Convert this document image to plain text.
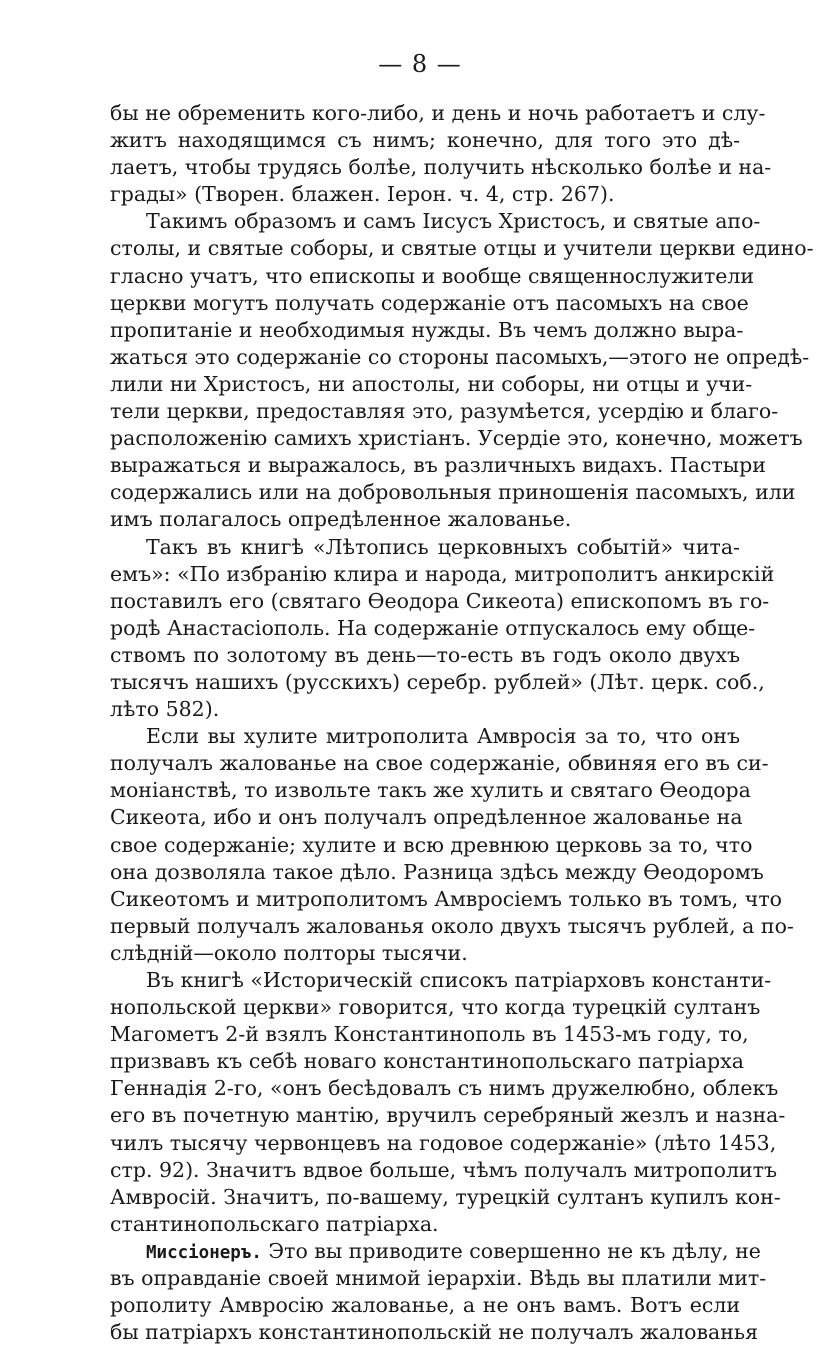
— 8 —
бы не обременить кого-либо, и день и ночь работаетъ и слу-
житъ находящимся съ нимъ; конечно, для того это дѣ-
лаетъ, чтобы трудясь болѣе, получить нѣсколько болѣе и на-
грады» (Творен. блажен. Іерон. ч. 4, стр. 267).
Такимъ образомъ и самъ Іисусъ Христосъ, и святые апо-
столы, и святые соборы, и святые отцы и учители церкви едино-
гласно учатъ, что епископы и вообще священнослужители
церкви могутъ получать содержаніе отъ пасомыхъ на свое
пропитаніе и необходимыя нужды. Въ чемъ должно выра-
жаться это содержаніе со стороны пасомыхъ,—этого не опредѣ-
лили ни Христосъ, ни апостолы, ни соборы, ни отцы и учи-
тели церкви, предоставляя это, разумѣется, усердію и благо-
расположенію самихъ христіанъ. Усердіе это, конечно, можетъ
выражаться и выражалось, въ различныхъ видахъ. Пастыри
содержались или на добровольныя приношенія пасомыхъ, или
имъ полагалось опредѣленное жалованье.
Такъ въ книгѣ «Лѣтопись церковныхъ событій» чита-
емъ»: «По избранію клира и народа, митрополитъ анкирскій
поставилъ его (святаго Ѳеодора Сикеота) епископомъ въ го-
родѣ Анастасіополь. На содержаніе отпускалось ему обще-
ствомъ по золотому въ день—то-есть въ годъ около двухъ
тысячъ нашихъ (русскихъ) серебр. рублей» (Лѣт. церк. соб.,
лѣто 582).
Если вы хулите митрополита Амвросія за то, что онъ
получалъ жалованье на свое содержаніе, обвиняя его въ си-
моніанствѣ, то извольте такъ же хулить и святаго Ѳеодора
Сикеота, ибо и онъ получалъ опредѣленное жалованье на
свое содержаніе; хулите и всю древнюю церковь за то, что
она дозволяла такое дѣло. Разница здѣсь между Ѳеодоромъ
Сикеотомъ и митрополитомъ Амвросіемъ только въ томъ, что
первый получалъ жалованья около двухъ тысячъ рублей, а по-
слѣдній—около полторы тысячи.
Въ книгѣ «Историческій списокъ патріарховъ константи-
нопольской церкви» говорится, что когда турецкій султанъ
Магометъ 2-й взялъ Константинополь въ 1453-мъ году, то,
призвавъ къ себѣ новаго константинопольскаго патріарха
Геннадія 2-го, «онъ бесѣдовалъ съ нимъ дружелюбно, облекъ
его въ почетную мантію, вручилъ серебряный жезлъ и назна-
чилъ тысячу червонцевъ на годовое содержаніе» (лѣто 1453,
стр. 92). Значитъ вдвое больше, чѣмъ получалъ митрополитъ
Амвросій. Значитъ, по-вашему, турецкій султанъ купилъ кон-
стантинопольскаго патріарха.
Миссіонеръ. Это вы приводите совершенно не къ дѣлу, не
въ оправданіе своей мнимой іерархіи. Вѣдь вы платили мит-
рополиту Амвросію жалованье, а не онъ вамъ. Вотъ если
бы патріархъ константинопольскій не получалъ жалованья
